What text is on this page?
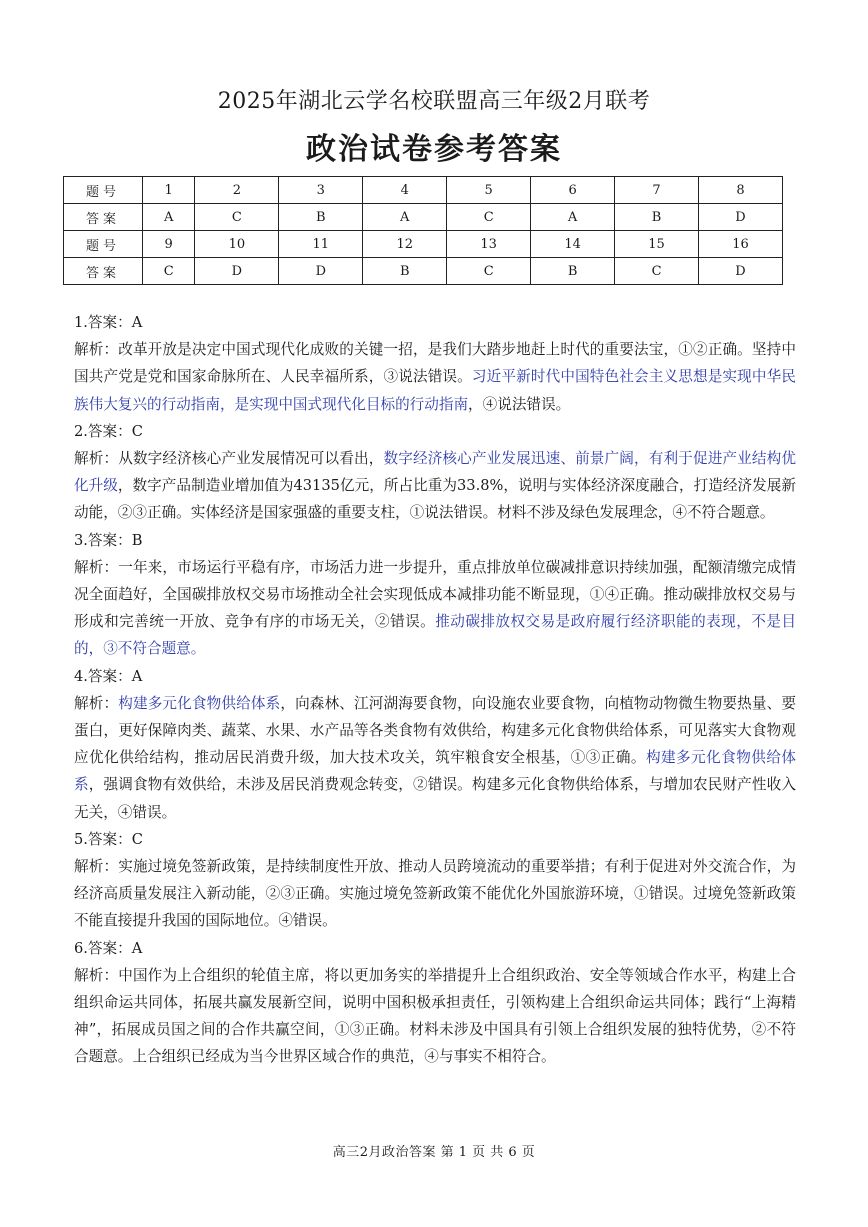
2025年湖北云学名校联盟高三年级2月联考
政治试卷参考答案
题号	1	2	3	4	5	6	7	8
答案	A	C	B	A	C	A	B	D
题号	9	10	11	12	13	14	15	16
答案	C	D	D	B	C	B	C	D

1.答案：A

解析：改革开放是决定中国式现代化成败的关键一招，是我们大踏步地赶上时代的重要法宝，①②正确。坚持中国共产党是党和国家命脉所在、人民幸福所系，③说法错误。习近平新时代中国特色社会主义思想是实现中华民族伟大复兴的行动指南，是实现中国式现代化目标的行动指南，④说法错误。

2.答案：C

解析：从数字经济核心产业发展情况可以看出，数字经济核心产业发展迅速、前景广阔，有利于促进产业结构优化升级，数字产品制造业增加值为43135亿元，所占比重为33.8%，说明与实体经济深度融合，打造经济发展新动能，②③正确。实体经济是国家强盛的重要支柱，①说法错误。材料不涉及绿色发展理念，④不符合题意。

3.答案：B

解析：一年来，市场运行平稳有序，市场活力进一步提升，重点排放单位碳减排意识持续加强，配额清缴完成情况全面趋好，全国碳排放权交易市场推动全社会实现低成本减排功能不断显现，①④正确。推动碳排放权交易与形成和完善统一开放、竞争有序的市场无关，②错误。推动碳排放权交易是政府履行经济职能的表现，不是目的，③不符合题意。

4.答案：A

解析：构建多元化食物供给体系，向森林、江河湖海要食物，向设施农业要食物，向植物动物微生物要热量、要蛋白，更好保障肉类、蔬菜、水果、水产品等各类食物有效供给，构建多元化食物供给体系，可见落实大食物观应优化供给结构，推动居民消费升级，加大技术攻关，筑牢粮食安全根基，①③正确。构建多元化食物供给体系，强调食物有效供给，未涉及居民消费观念转变，②错误。构建多元化食物供给体系，与增加农民财产性收入无关，④错误。

5.答案：C

解析：实施过境免签新政策，是持续制度性开放、推动人员跨境流动的重要举措；有利于促进对外交流合作，为经济高质量发展注入新动能，②③正确。实施过境免签新政策不能优化外国旅游环境，①错误。过境免签新政策不能直接提升我国的国际地位。④错误。

6.答案：A

解析：中国作为上合组织的轮值主席，将以更加务实的举措提升上合组织政治、安全等领域合作水平，构建上合组织命运共同体，拓展共赢发展新空间，说明中国积极承担责任，引领构建上合组织命运共同体；践行“上海精神”，拓展成员国之间的合作共赢空间，①③正确。材料未涉及中国具有引领上合组织发展的独特优势，②不符合题意。上合组织已经成为当今世界区域合作的典范，④与事实不相符合。

高三2月政治答案 第 1 页 共 6 页
